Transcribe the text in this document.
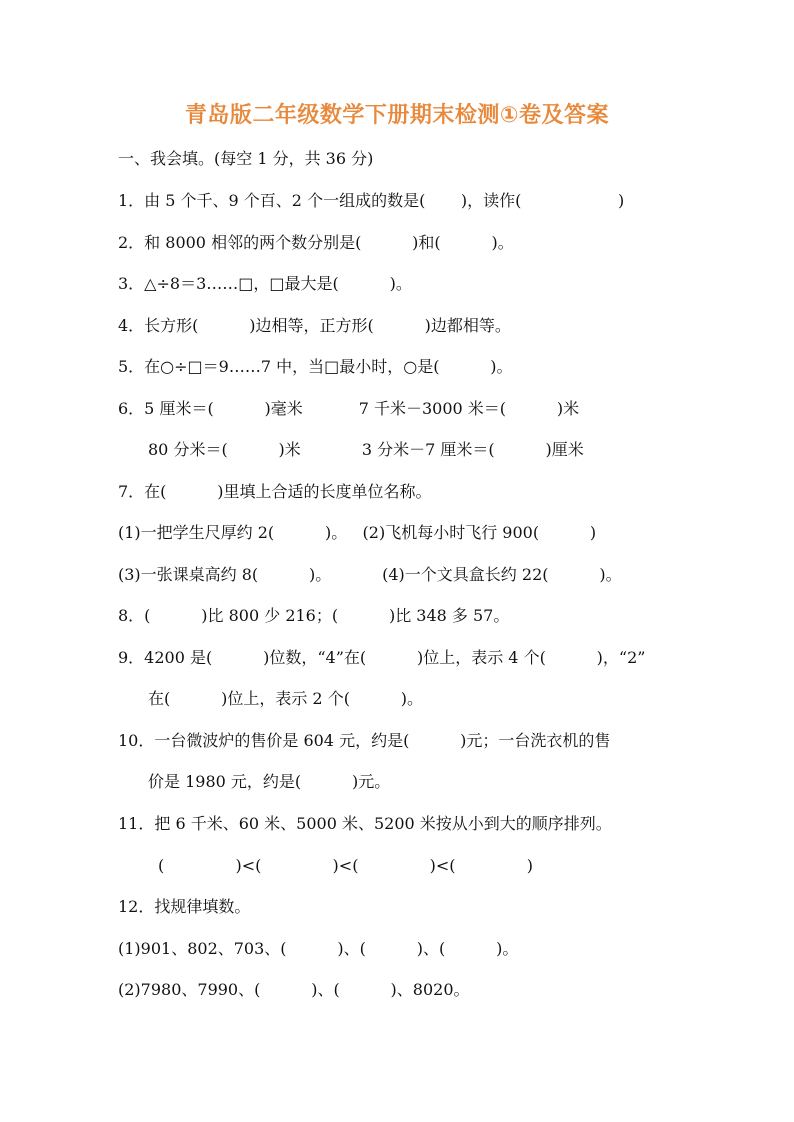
青岛版二年级数学下册期末检测①卷及答案
一、我会填。(每空 1 分，共 36 分)
1．由 5 个千、9 个百、2 个一组成的数是(       )，读作(                   )
2．和 8000 相邻的两个数分别是(          )和(          )。
3．△÷8＝3……□，□最大是(          )。
4．长方形(          )边相等，正方形(          )边都相等。
5．在○÷□＝9……7 中，当□最小时，○是(          )。
6．5 厘米＝(          )毫米           7 千米－3000 米＝(          )米
80 分米＝(          )米            3 分米－7 厘米＝(          )厘米
7．在(          )里填上合适的长度单位名称。
(1)一把学生尺厚约 2(          )。   (2)飞机每小时飞行 900(          )
(3)一张课桌高约 8(          )。          (4)一个文具盒长约 22(          )。
8．(          )比 800 少 216；(          )比 348 多 57。
9．4200 是(          )位数，“4”在(          )位上，表示 4 个(          )，“2”
在(          )位上，表示 2 个(          )。
10．一台微波炉的售价是 604 元，约是(          )元；一台洗衣机的售
价是 1980 元，约是(          )元。
11．把 6 千米、60 米、5000 米、5200 米按从小到大的顺序排列。
(              )<(              )<(              )<(              )
12．找规律填数。
(1)901、802、703、(          )、(          )、(          )。
(2)7980、7990、(          )、(          )、8020。
